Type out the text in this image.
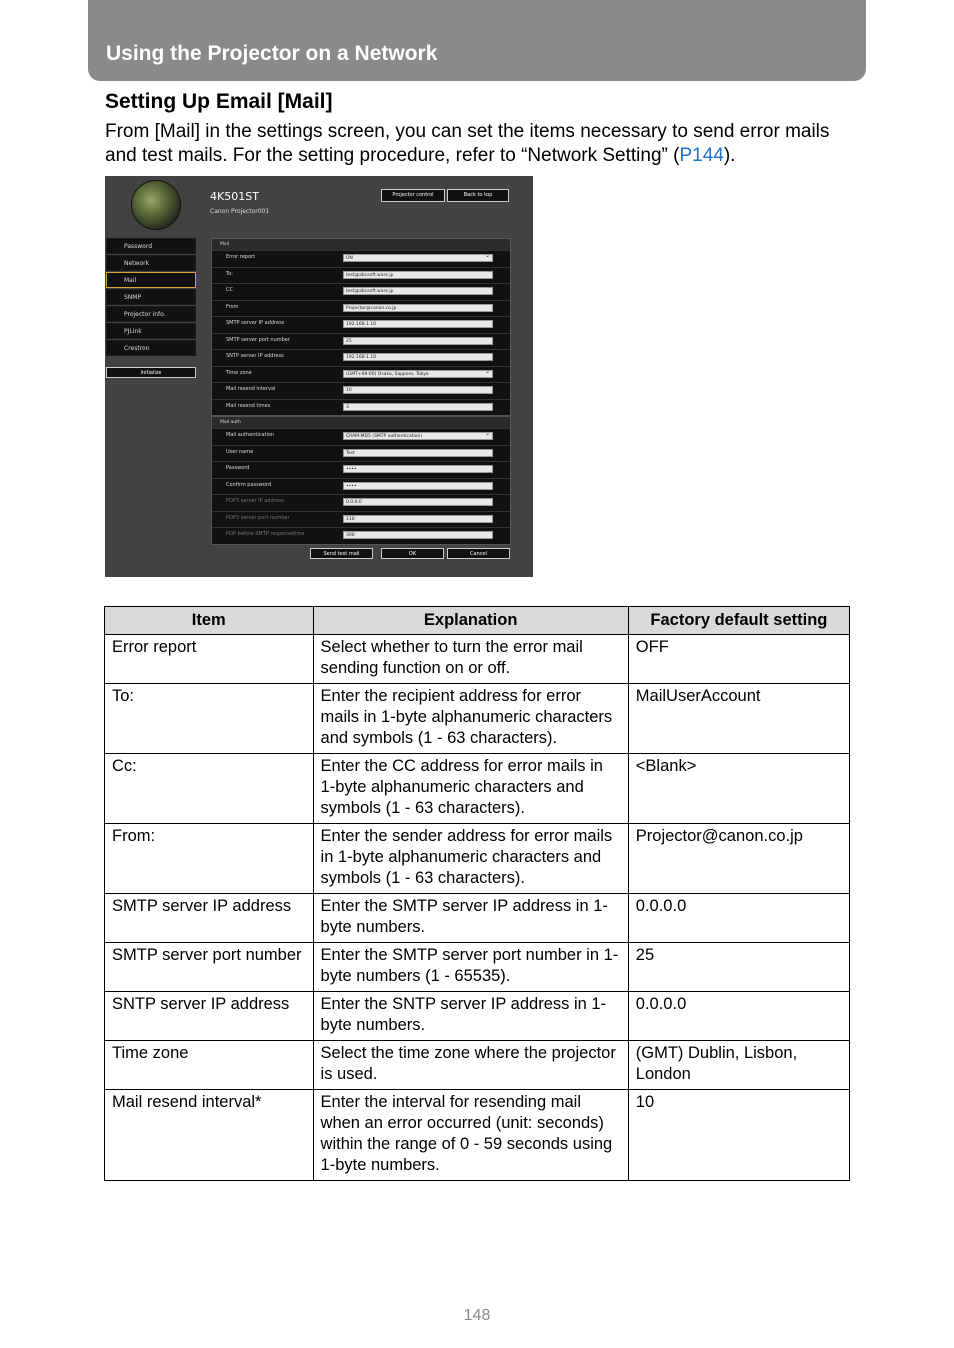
Using the Projector on a Network
Setting Up Email [Mail]
From [Mail] in the settings screen, you can set the items necessary to send error mails and test mails. For the setting procedure, refer to “Network Setting” (P144).
4K501ST
Canon Projector001
Projector control	Back to top
Password
Network
Mail
SNMP
Projector info.
PJLink
Crestron
Initialize
Mail
Error report	ON ⌄
To:	test@abcsoft.ware.jp
CC	test@abcsoft.ware.jp
From	Projector@canon.co.jp
SMTP server IP address	192.168.1.10
SMTP server port number	25
SNTP server IP address	192.168.1.10
Time zone	(GMT+09:00) Osaka, Sapporo, Tokyo ⌄
Mail resend interval	10
Mail resend times	3
Mail auth
Mail authentication	CRAM-MD5 (SMTP authentication) ⌄
User name	Test
Password	••••
Confirm password	••••
POP3 server IP address	0.0.0.0
POP3 server port number	110
POP before SMTP responsetime	300
Send test mail	OK	Cancel
Item	Explanation	Factory default setting
Error report	Select whether to turn the error mail sending function on or off.	OFF
To:	Enter the recipient address for error mails in 1-byte alphanumeric characters and symbols (1 - 63 characters).	MailUserAccount
Cc:	Enter the CC address for error mails in 1-byte alphanumeric characters and symbols (1 - 63 characters).	<Blank>
From:	Enter the sender address for error mails in 1-byte alphanumeric characters and symbols (1 - 63 characters).	Projector@canon.co.jp
SMTP server IP address	Enter the SMTP server IP address in 1-byte numbers.	0.0.0.0
SMTP server port number	Enter the SMTP server port number in 1-byte numbers (1 - 65535).	25
SNTP server IP address	Enter the SNTP server IP address in 1-byte numbers.	0.0.0.0
Time zone	Select the time zone where the projector is used.	(GMT) Dublin, Lisbon, London
Mail resend interval*	Enter the interval for resending mail when an error occurred (unit: seconds) within the range of 0 - 59 seconds using 1-byte numbers.	10
148
